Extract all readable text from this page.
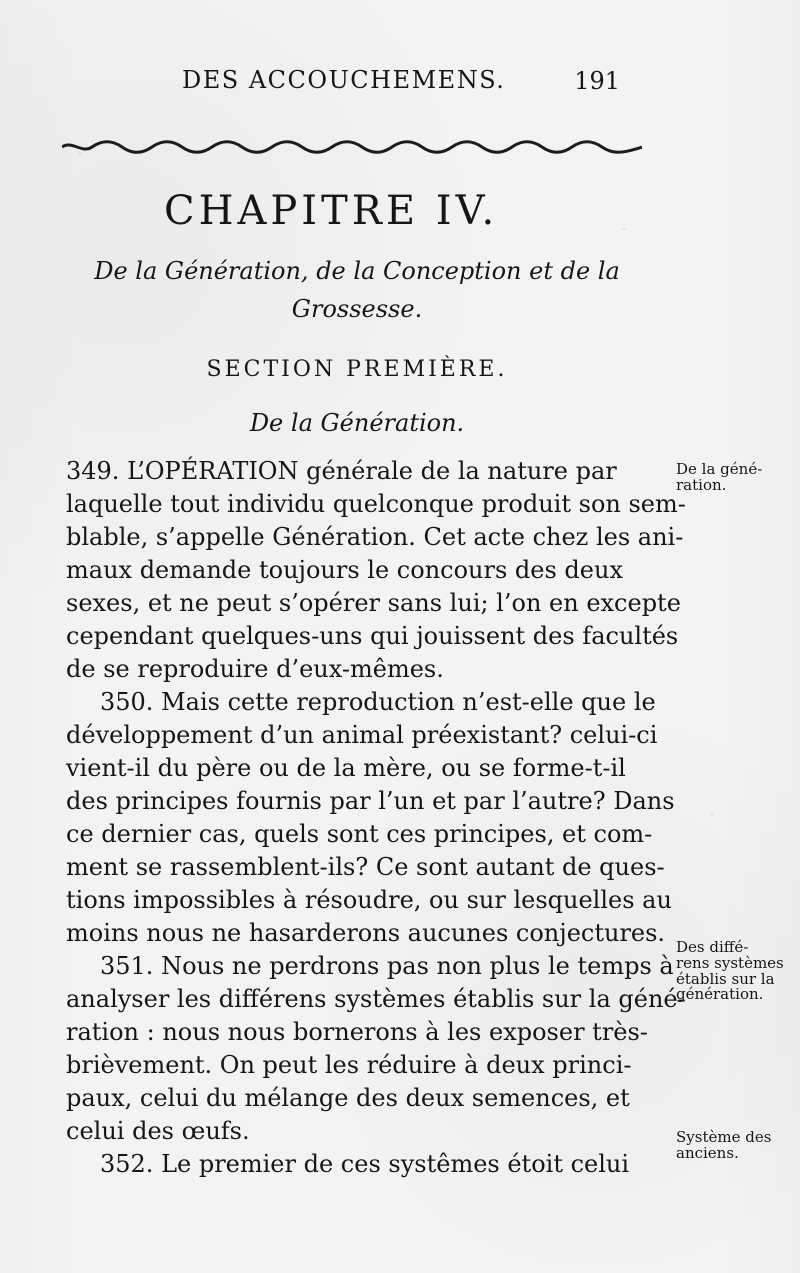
DES ACCOUCHEMENS.	191
CHAPITRE IV.
De la Génération, de la Conception et de la
Grossesse.
SECTION PREMIÈRE.
De la Génération.
349. L’OPÉRATION générale de la nature par
laquelle tout individu quelconque produit son sem-
blable, s’appelle Génération. Cet acte chez les ani-
maux demande toujours le concours des deux
sexes, et ne peut s’opérer sans lui; l’on en excepte
cependant quelques-uns qui jouissent des facultés
de se reproduire d’eux-mêmes.
350. Mais cette reproduction n’est-elle que le
développement d’un animal préexistant? celui-ci
vient-il du père ou de la mère, ou se forme-t-il
des principes fournis par l’un et par l’autre? Dans
ce dernier cas, quels sont ces principes, et com-
ment se rassemblent-ils? Ce sont autant de ques-
tions impossibles à résoudre, ou sur lesquelles au
moins nous ne hasarderons aucunes conjectures.
351. Nous ne perdrons pas non plus le temps à
analyser les différens systèmes établis sur la géné-
ration : nous nous bornerons à les exposer très-
brièvement. On peut les réduire à deux princi-
paux, celui du mélange des deux semences, et
celui des œufs.
352. Le premier de ces systêmes étoit celui
De la géné-
ration.
Des diffé-
rens systèmes
établis sur la
génération.
Système des
anciens.
